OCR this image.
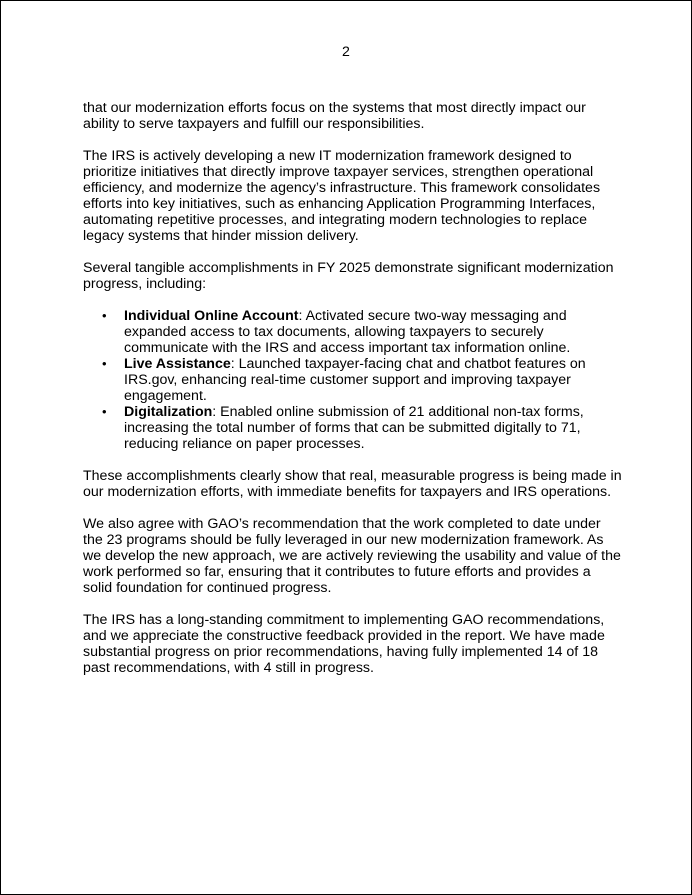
2

that our modernization efforts focus on the systems that most directly impact our ability to serve taxpayers and fulfill our responsibilities.

The IRS is actively developing a new IT modernization framework designed to prioritize initiatives that directly improve taxpayer services, strengthen operational efficiency, and modernize the agency’s infrastructure. This framework consolidates efforts into key initiatives, such as enhancing Application Programming Interfaces, automating repetitive processes, and integrating modern technologies to replace legacy systems that hinder mission delivery.

Several tangible accomplishments in FY 2025 demonstrate significant modernization progress, including:

• Individual Online Account: Activated secure two-way messaging and expanded access to tax documents, allowing taxpayers to securely communicate with the IRS and access important tax information online.
• Live Assistance: Launched taxpayer-facing chat and chatbot features on IRS.gov, enhancing real-time customer support and improving taxpayer engagement.
• Digitalization: Enabled online submission of 21 additional non-tax forms, increasing the total number of forms that can be submitted digitally to 71, reducing reliance on paper processes.

These accomplishments clearly show that real, measurable progress is being made in our modernization efforts, with immediate benefits for taxpayers and IRS operations.

We also agree with GAO’s recommendation that the work completed to date under the 23 programs should be fully leveraged in our new modernization framework. As we develop the new approach, we are actively reviewing the usability and value of the work performed so far, ensuring that it contributes to future efforts and provides a solid foundation for continued progress.

The IRS has a long-standing commitment to implementing GAO recommendations, and we appreciate the constructive feedback provided in the report. We have made substantial progress on prior recommendations, having fully implemented 14 of 18 past recommendations, with 4 still in progress.
